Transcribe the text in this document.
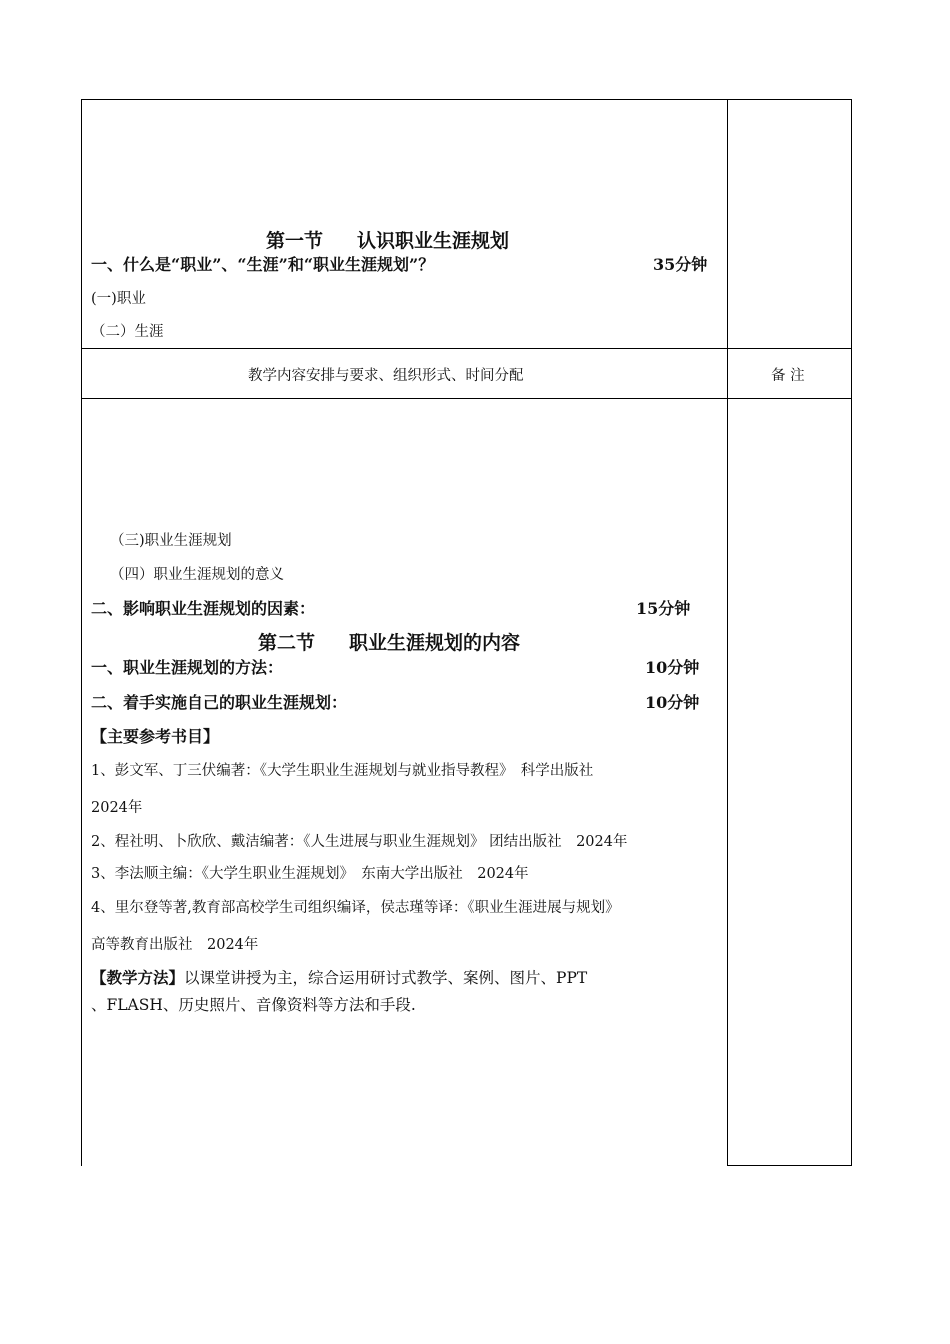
第一节 认识职业生涯规划
一、什么是“职业”、“生涯”和“职业生涯规划”？	35分钟
(一)职业
（二）生涯
教学内容安排与要求、组织形式、时间分配	备 注
（三)职业生涯规划
（四）职业生涯规划的意义
二、影响职业生涯规划的因素：	15分钟
第二节 职业生涯规划的内容
一、职业生涯规划的方法：	10分钟
二、着手实施自己的职业生涯规划：	10分钟
【主要参考书目】
1、彭文军、丁三伏编著：《大学生职业生涯规划与就业指导教程》　科学出版社
2024年
2、程社明、卜欣欣、戴洁编著：《人生进展与职业生涯规划》 团结出版社　2024年
3、李法顺主编：《大学生职业生涯规划》　东南大学出版社　2024年
4、里尔登等著,教育部高校学生司组织编译，侯志瑾等译：《职业生涯进展与规划》
高等教育出版社　2024年
【教学方法】以课堂讲授为主，综合运用研讨式教学、案例、图片、PPT
、FLASH、历史照片、音像资料等方法和手段.
